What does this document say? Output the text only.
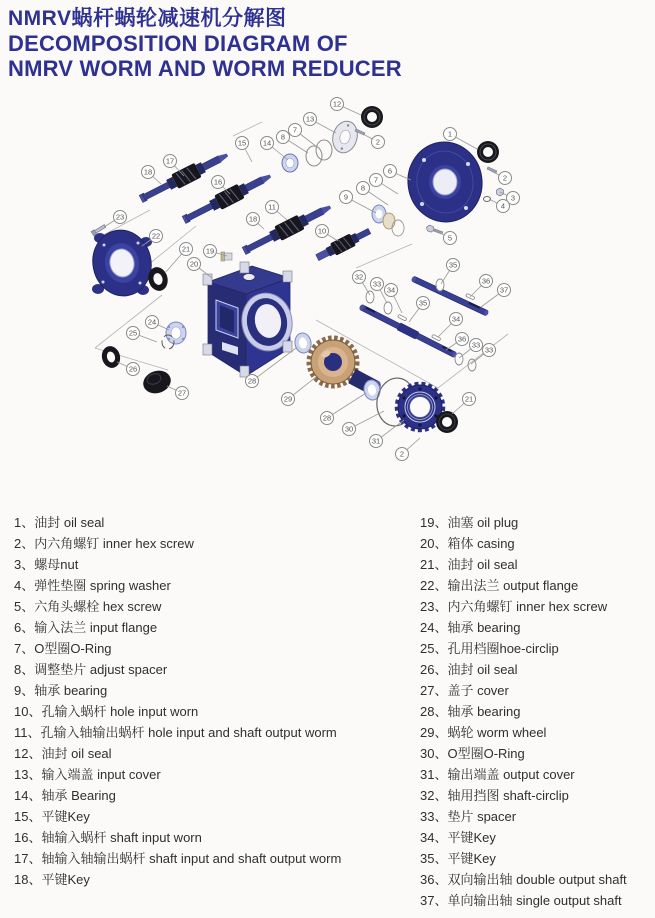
NMRV蜗杆蜗轮减速机分解图
DECOMPOSITION DIAGRAM OF
NMRV WORM AND WORM REDUCER
1
2
12
13
7
8
14
15
17
18
16
11
18
10
6
7
8
9
2
3
4
5
23
22
21 19
20
24
25
26
27
28
29
28
30
31
2
21
32
33
34
35
36
37
35
34
36
33
33
1、油封 oil seal
2、内六角螺钉 inner hex screw
3、螺母nut
4、弹性垫圈 spring washer
5、六角头螺栓 hex screw
6、输入法兰 input flange
7、O型圈O-Ring
8、调整垫片 adjust spacer
9、轴承 bearing
10、孔输入蜗杆 hole input worn
11、孔输入轴输出蜗杆 hole input and shaft output worm
12、油封 oil seal
13、输入端盖 input cover
14、轴承 Bearing
15、平键Key
16、轴输入蜗杆 shaft input worn
17、轴输入轴输出蜗杆 shaft input and shaft output worm
18、平键Key
19、油塞 oil plug
20、箱体 casing
21、油封 oil seal
22、输出法兰 output flange
23、内六角螺钉 inner hex screw
24、轴承 bearing
25、孔用档圈hoe-circlip
26、油封 oil seal
27、盖子 cover
28、轴承 bearing
29、蜗轮 worm wheel
30、O型圈O-Ring
31、输出端盖 output cover
32、轴用挡图 shaft-circlip
33、垫片 spacer
34、平键Key
35、平键Key
36、双向输出轴 double output shaft
37、单向输出轴 single output shaft
